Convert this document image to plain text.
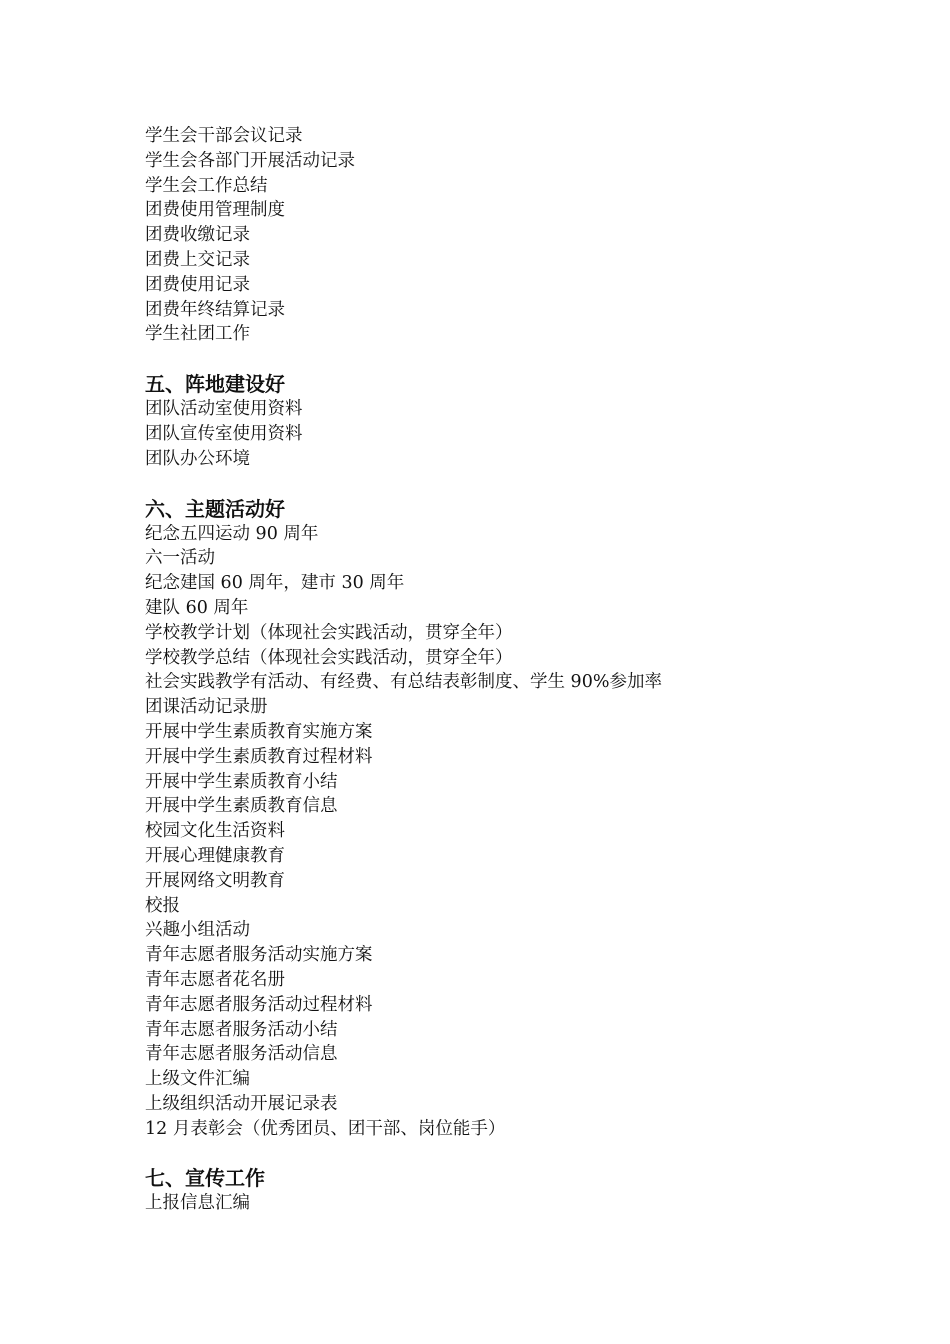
学生会干部会议记录
学生会各部门开展活动记录
学生会工作总结
团费使用管理制度
团费收缴记录
团费上交记录
团费使用记录
团费年终结算记录
学生社团工作
五、阵地建设好
团队活动室使用资料
团队宣传室使用资料
团队办公环境
六、主题活动好
纪念五四运动 90 周年
六一活动
纪念建国 60 周年，建市 30 周年
建队 60 周年
学校教学计划（体现社会实践活动，贯穿全年）
学校教学总结（体现社会实践活动，贯穿全年）
社会实践教学有活动、有经费、有总结表彰制度、学生 90%参加率
团课活动记录册
开展中学生素质教育实施方案
开展中学生素质教育过程材料
开展中学生素质教育小结
开展中学生素质教育信息
校园文化生活资料
开展心理健康教育
开展网络文明教育
校报
兴趣小组活动
青年志愿者服务活动实施方案
青年志愿者花名册
青年志愿者服务活动过程材料
青年志愿者服务活动小结
青年志愿者服务活动信息
上级文件汇编
上级组织活动开展记录表
12 月表彰会（优秀团员、团干部、岗位能手）
七、宣传工作
上报信息汇编
